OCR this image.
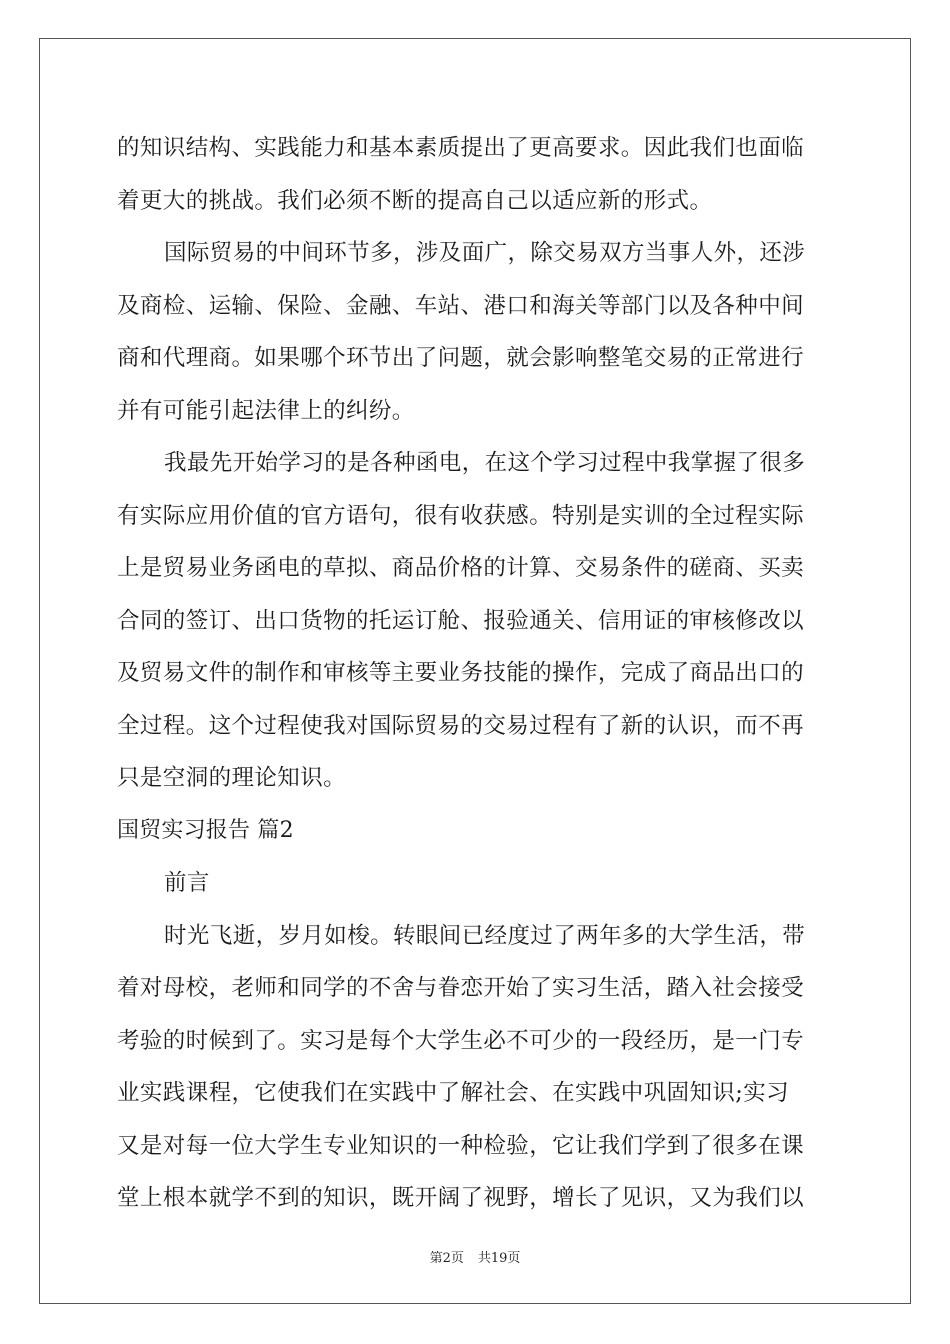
的知识结构、实践能力和基本素质提出了更高要求。因此我们也面临
着更大的挑战。我们必须不断的提高自己以适应新的形式。
国际贸易的中间环节多，涉及面广，除交易双方当事人外，还涉
及商检、运输、保险、金融、车站、港口和海关等部门以及各种中间
商和代理商。如果哪个环节出了问题，就会影响整笔交易的正常进行
并有可能引起法律上的纠纷。
我最先开始学习的是各种函电，在这个学习过程中我掌握了很多
有实际应用价值的官方语句，很有收获感。特别是实训的全过程实际
上是贸易业务函电的草拟、商品价格的计算、交易条件的磋商、买卖
合同的签订、出口货物的托运订舱、报验通关、信用证的审核修改以
及贸易文件的制作和审核等主要业务技能的操作，完成了商品出口的
全过程。这个过程使我对国际贸易的交易过程有了新的认识，而不再
只是空洞的理论知识。
国贸实习报告 篇2
前言
时光飞逝，岁月如梭。转眼间已经度过了两年多的大学生活，带
着对母校，老师和同学的不舍与眷恋开始了实习生活，踏入社会接受
考验的时候到了。实习是每个大学生必不可少的一段经历，是一门专
业实践课程，它使我们在实践中了解社会、在实践中巩固知识;实习
又是对每一位大学生专业知识的一种检验，它让我们学到了很多在课
堂上根本就学不到的知识，既开阔了视野，增长了见识，又为我们以
第2页 共19页
